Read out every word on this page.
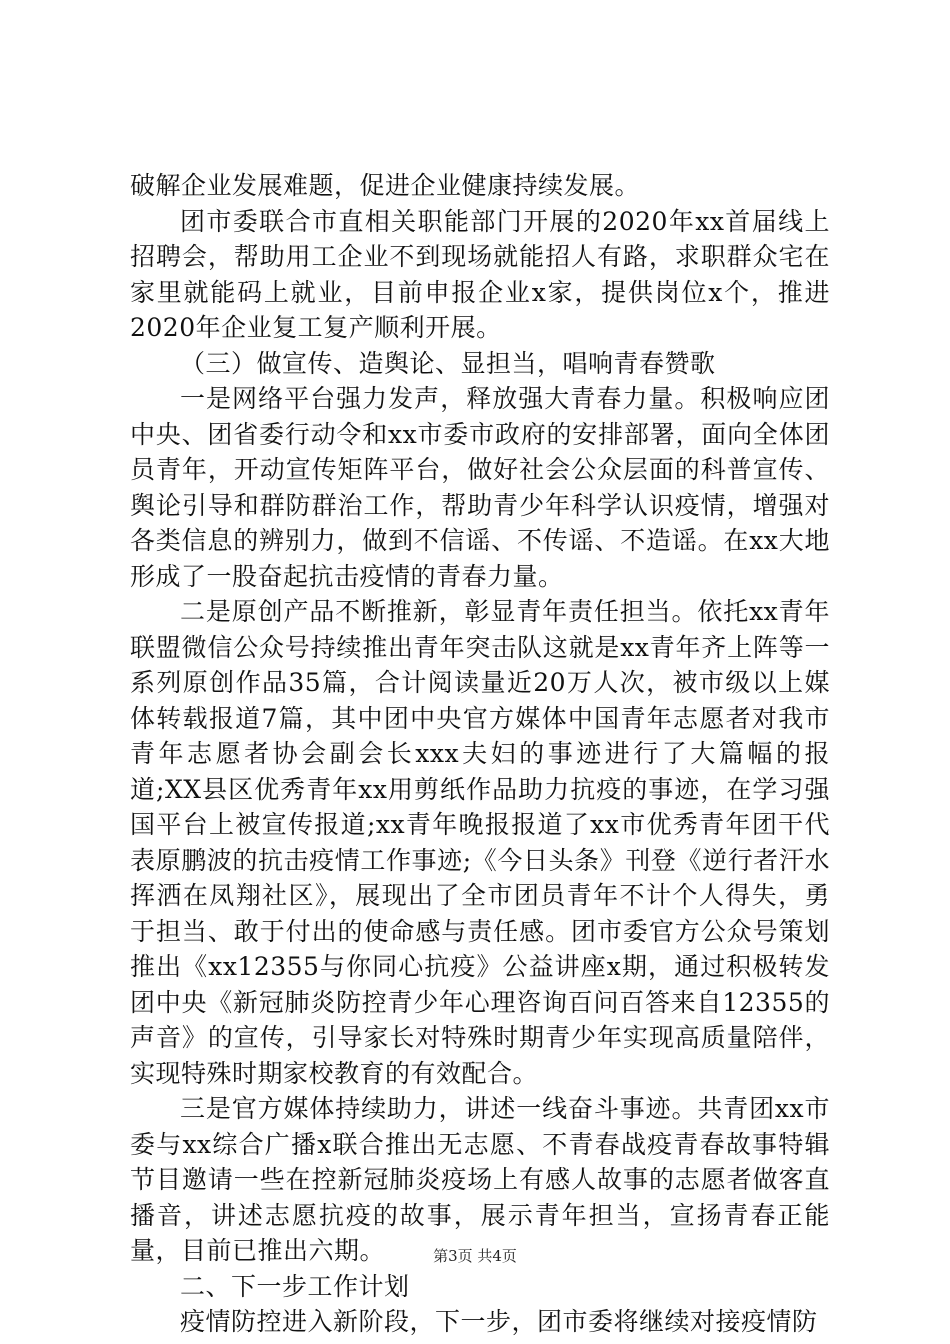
破解企业发展难题，促进企业健康持续发展。

团市委联合市直相关职能部门开展的2020年xx首届线上招聘会，帮助用工企业不到现场就能招人有路，求职群众宅在家里就能码上就业，目前申报企业x家，提供岗位x个，推进2020年企业复工复产顺利开展。

（三）做宣传、造舆论、显担当，唱响青春赞歌

一是网络平台强力发声，释放强大青春力量。积极响应团中央、团省委行动令和xx市委市政府的安排部署，面向全体团员青年，开动宣传矩阵平台，做好社会公众层面的科普宣传、舆论引导和群防群治工作，帮助青少年科学认识疫情，增强对各类信息的辨别力，做到不信谣、不传谣、不造谣。在xx大地形成了一股奋起抗击疫情的青春力量。

二是原创产品不断推新，彰显青年责任担当。依托xx青年联盟微信公众号持续推出青年突击队这就是xx青年齐上阵等一系列原创作品35篇，合计阅读量近20万人次，被市级以上媒体转载报道7篇，其中团中央官方媒体中国青年志愿者对我市青年志愿者协会副会长xxx夫妇的事迹进行了大篇幅的报道;XX县区优秀青年xx用剪纸作品助力抗疫的事迹，在学习强国平台上被宣传报道;xx青年晚报报道了xx市优秀青年团干代表原鹏波的抗击疫情工作事迹;《今日头条》刊登《逆行者汗水挥洒在凤翔社区》，展现出了全市团员青年不计个人得失，勇于担当、敢于付出的使命感与责任感。团市委官方公众号策划推出《xx12355与你同心抗疫》公益讲座x期，通过积极转发团中央《新冠肺炎防控青少年心理咨询百问百答来自12355的声音》的宣传，引导家长对特殊时期青少年实现高质量陪伴，实现特殊时期家校教育的有效配合。

三是官方媒体持续助力，讲述一线奋斗事迹。共青团xx市委与xx综合广播x联合推出无志愿、不青春战疫青春故事特辑节目邀请一些在控新冠肺炎疫场上有感人故事的志愿者做客直播音，讲述志愿抗疫的故事，展示青年担当，宣扬青春正能量，目前已推出六期。

二、下一步工作计划

疫情防控进入新阶段，下一步，团市委将继续对接疫情防

第3页 共4页
